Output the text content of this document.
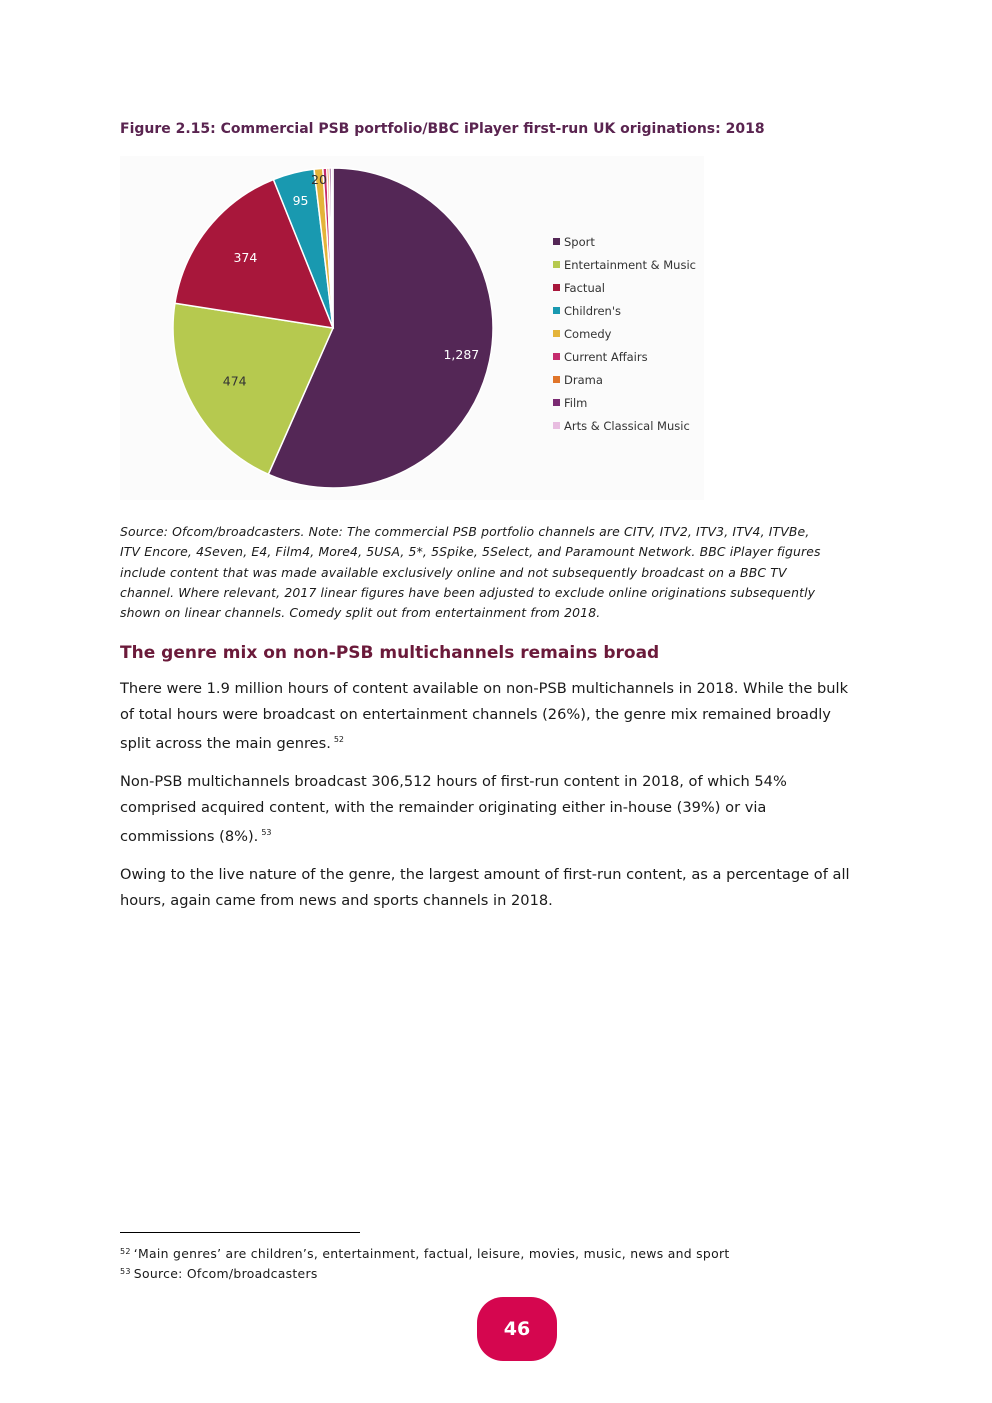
Figure 2.15: Commercial PSB portfolio/BBC iPlayer first-run UK originations: 2018
1,287
474
374
95
20
Sport
Entertainment & Music
Factual
Children's
Comedy
Current Affairs
Drama
Film
Arts & Classical Music

Source: Ofcom/broadcasters. Note: The commercial PSB portfolio channels are CITV, ITV2, ITV3, ITV4, ITVBe,
ITV Encore, 4Seven, E4, Film4, More4, 5USA, 5*, 5Spike, 5Select, and Paramount Network. BBC iPlayer figures
include content that was made available exclusively online and not subsequently broadcast on a BBC TV
channel. Where relevant, 2017 linear figures have been adjusted to exclude online originations subsequently
shown on linear channels. Comedy split out from entertainment from 2018.

The genre mix on non-PSB multichannels remains broad

There were 1.9 million hours of content available on non-PSB multichannels in 2018. While the bulk
of total hours were broadcast on entertainment channels (26%), the genre mix remained broadly
split across the main genres. $^{52}$

Non-PSB multichannels broadcast 306,512 hours of first-run content in 2018, of which 54%
comprised acquired content, with the remainder originating either in-house (39%) or via
commissions (8%). $^{53}$

Owing to the live nature of the genre, the largest amount of first-run content, as a percentage of all
hours, again came from news and sports channels in 2018.

$^{52}$ ‘Main genres’ are children’s, entertainment, factual, leisure, movies, music, news and sport

$^{53}$ Source: Ofcom/broadcasters

46
